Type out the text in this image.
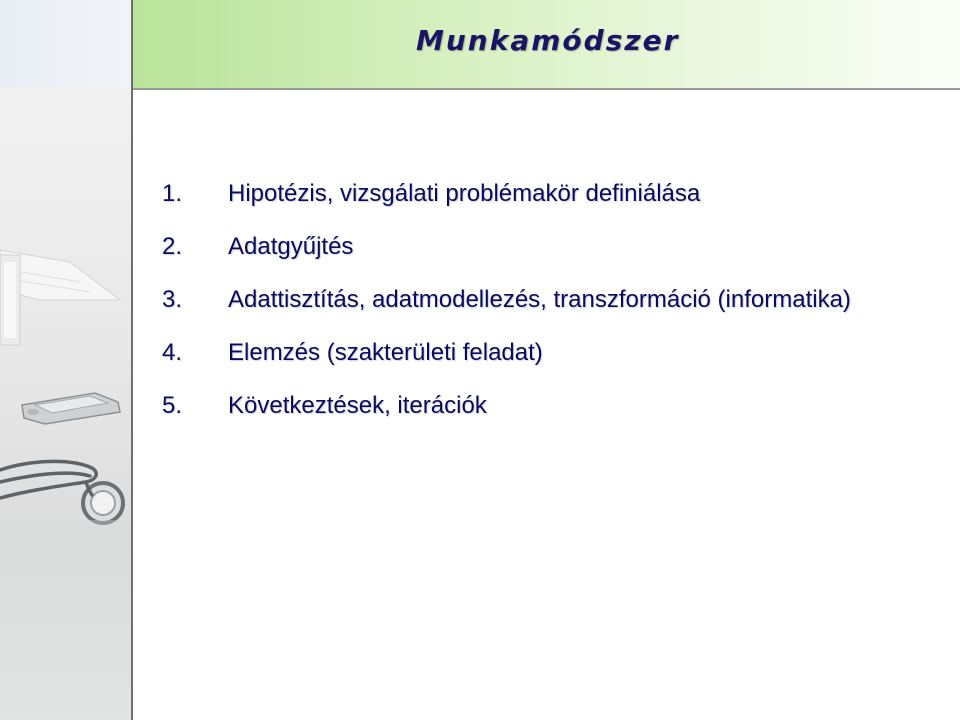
Munkamódszer
1. Hipotézis, vizsgálati problémakör definiálása
2. Adatgyűjtés
3. Adattisztítás, adatmodellezés, transzformáció (informatika)
4. Elemzés (szakterületi feladat)
5. Következtések, iterációk
